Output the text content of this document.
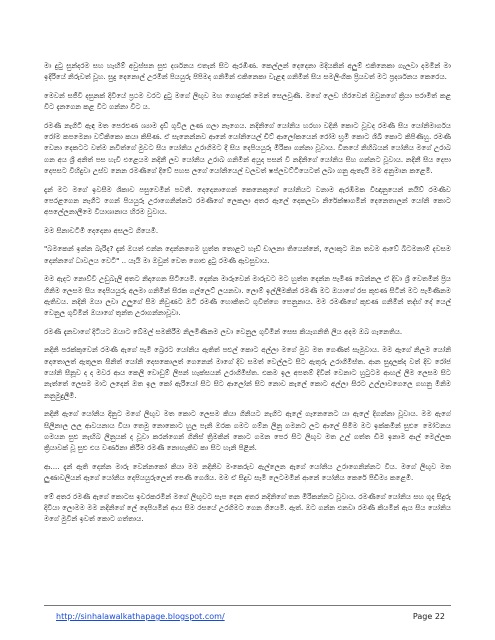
මා දුටු සුන්දරම සහ හැඟීම් අවුස්සන සුළු දර්ශනය එතැන් සිට ඇරඹිණ. කෙල්ලන් දෙදෙනා මදියකින් අලුම් එකිනෙකා ගැලවා දමමින් මා ඉදිරියේ නිරුවත් වූහ. සුදු දෙනොල් උරමින් පියයුරු පිපිමද ගනිමින් එකිනෙකා වැළඳ ගනිමින් සිය සමලිංගික ප්‍රියවත් මට ප්‍රදර්ශනය කෙරෙය.

මෙවන් සජීවී දසුනක් දිවියේ ප්‍රථම වරට දුටු මගේ ලිඟුව මහ ගොදුරක් මෙන් සෙලවුණි. මගේ ලෙඩ හිරවෙන් ඔවුනගේ ක්‍රියා පරාමිත් කළ විට දැනගෙන කළ විට ගන්නා විට ය.

රමණී නැගිටි ඇඳ මත පෙරළුණ ශ්‍යාම දැඩ් ගුවිල ලණ ගලා නැගෙය. නදිනිගේ යෝනිය හරහා වදිනි කොට වූවද රමණී සිය යෝනිමාර්ගය රෝම කපමෙනා වට්කිකො කයා කිසිණ. ඒ සැනෙන්නව ආනේ යෝනියෙල් චිට් ආලෝකයෙන් රෝම භ්‍රමි කොට ශිඛි කොට කිපිණිහු. රමණී වෙනා දෙකටට වත්ම නවිත්ගේ මුවට සිය යෝනිය උරාගිමට දී සිය දෙපියයුරු මිරිකා ගන්නා වූවාය. විනයේ නිහිබයන් යෝනිය මගේ උරාබ ගන අය ශ්‍රී අනිත් පස හැවී එළෙයම නදිනී ලව යෝනිය උරාබ ගනිමින් අයුද පසන් වී නදිනිගේ යෝනිය සිහ ගන්නට වූවාය. නදිනී සිය දෙපා දෙපසට විහිදුවා උස්ව නෙන රමණීගේ දිවේ පහස ලගේ යෝනියෙල් වලවත් ෂප්ලවට්ටියෙටත් ලබා ගනු ඇතැයි මම අනුමාන කළෙමි.

දැන් මට මගේ ඉවසීම ශිකාව පසුවෙමින් පවතී. දෙදෙනාගෙන් කෙනෙකුගේ යෝනියට වනාම ඇරඹීමක විඥානුයෙන් නයිව් රමණීව පෙරළගෙන නැගීට ගෙන් පියයුරු උරාගෙනින්නට රමණීගේ ලෙකලා අතර ඇලේ දෙකලවා නිරේක්ෂාගමින් දෙනෙතාලන් යෝනි කොට අපලේලනාලීමෙ වියාශානාය හිරම වුවාය.

මම සිනාවටිමි දෙදෙනා අසලට ගියෙමි.

"බමකෙන් ඉන්න බැරිද? දැන් ඔයත් එන්න දෙන්නගෙම හුත්ත තොළට හැඩ් ඩාලනා තියෙන්නේ, ලොකුට ඔන තවම ආවේ බිටමනාම් දවසම දෙන්නගේ ධාවලය වෙටි" .. යැයි මා ඔවුන් වෙත ගොළු දුටු රමණී ඇවසුවාය.

මම ඇදට නොව්වී උඩුබැලි අතට නිදාගෙන සිටියෙමි. දෙන්න මාරුවෙන් මාරුවට මට හුත්ත දෙන්න පැමිණ බෙන්නල ඒ දිවා ශ්‍රී වෙතමින් ප්‍රිය ගිනිම ලෙසම සිය දෙපියයුරු අලමා ගනිමින් සිරක ගල්ලෙට් ලයනවා. ලොම් ඉල්ලීමකින් රමණී මට ඔයාගේ රස කුළුණ සිටින් මට පැමිණිනම ඇතිවය. නදිනි ඔයා ලවා උලුගේ සිම නිවුණට ඔටි රමණී හොකිතට ගුවිත්ගෙ පෙනුනාය. මම රමණීගේ කුළුණ ගනිමින් තද්භ් දේ යෙල් වෙනුල ගුවිමින් ඔයාගේ තුන්ත උරාගන්නාවූවා.

රමණී දැනවාගේ දිටියට ඔයාට බේමල් සමකිරීම නිලමිණිනම ලවා වෙනුල ගුවිමින් සෙස කියැගනිති ලිය අදම ඔබ ගැනෙතිය.

නදිනි පරක්කුවෙන් රමණී ඇගේ පැමි බ්‍රෙරට යෝනිය ඇතිත් පළුල් කොට අල්ලා මගේ මුව මත ගෙණිත් සැමුවාය. මම ඇගේ නිලම යෝනි දෙතොලත් ඇතුලත ඝිනිත් යෝනි දෙසකොලත් ගෙනෙන් මාගේ දිව සමත් වෙල්ලට සිට ඇතුරු උරාගිමිස්ත. ආන සුදලක්ද වත් දිව රෝජ යෝනි සීනූව ද ද මවර ආය කෙලි වොඩුම් ලිපන් හැක්සයන් උරාගිමිස්ත. එකම ඉල අපතම් දිවින් වෙනාට හුටුටම ආහල් ලිම ලෙසම සිට නැත්තේ ලෙසම මාට ලදෙන් ඔත ඉල කෝ ඇරියෝ සිට සිට ආලෝන් සිට නොව කැලේ කොට අල්ලා සිරට උල්ලාවගෙලෙ ගහනු මීනිම නනුමුදුලීමි.

නදිනී ඇගේ යෝනිය දිනුට මගේ ලිඟුව මත කොට ලෙසම කියා ගිනියට නැගිට ඇලේ ගැනෙනෙට යා ඇලේ දිගන්නා වූවාය. මම ඇගේ සිලිනාල ලල ආවයනාය වියා තෙමු නොකොට හුල පැනි ඔරක ගමට ගම්න ලිනු ගමනට ලට ආලේ සිමිම මට ඉක්කමින් සුළු ෙමෝටනය ගමයන සුළු නැඟිබ ලිනුයක් ද වූවා කරන්ගෙන් ගිනිස් ත්‍රිමකින් කොට ගමන පෙර සිට ලිඟුව මත උල් ගත්ත ඩිම ඉනාම ආල් මෙල්ලක ක්‍රියාවක් වූ සුළු එය වර්ණනා කිරීම රමණී නොහැකිව කා සිට හැනි පිළින්.

ආ.... දැන් ඇති දෙන්න මාරු වෙන්නකෝ කියා මම නදිනිව මංකෙරුව ඇල්ලෙන ඇගේ යෝනිය උරාගෙනින්නට විය. මගේ ලිඟුව මත ලුණාවලියන් ඇගේ යෝනිය දෙපියයුරුලෙන් පෙණි ගෙශිය. මම ඒ සිදුව සැමි ලෙටමමින් ආනේ යෝනිය කෙරේ පීඩිම්‍ය කළෙමි.

මේ අතර රමණී ඇගේ කොටස ඉවරකරමින් මගේ ලිඟුවට සැප දෙන අතර නදිනිගේ තන මිරිකන්නට වූවාය. රමණීගේ යෝනිය සහ ගුද සිදුරු දිවියා ලොමම මම නදිනිගේ ලේ දෙපියමින් ආය සිම රසයේ උරගිමට ගෙන ගියෙමි. ඇත්. ඔට ගන්න එනවා රමණී කියමින් ඇය සිය යෝනිය මගේ මුවින් ඉවත් කොට ගත්තාය.

http://sinhalawalkathapage.blogspot.com/	Page 22
